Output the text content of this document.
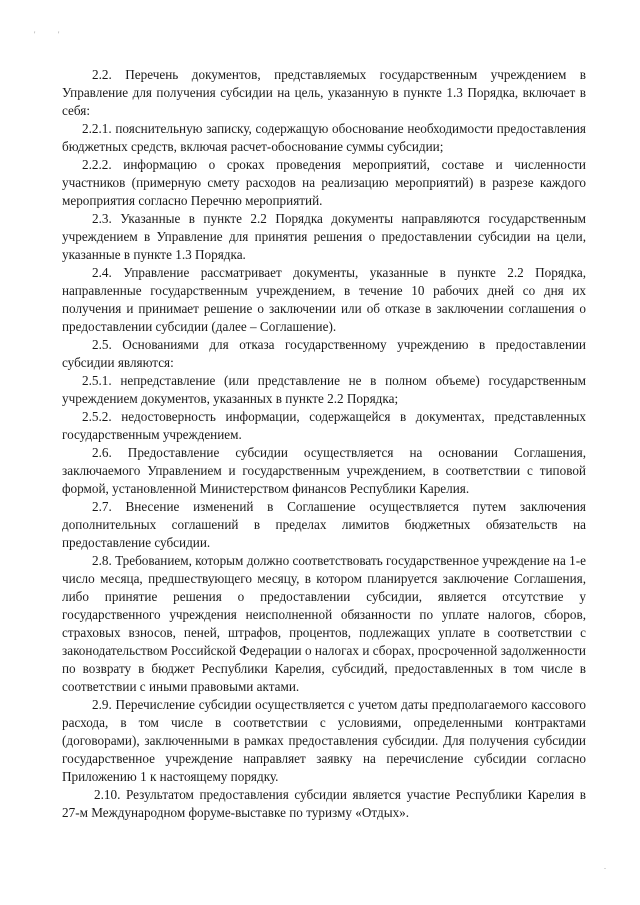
'	'
.

2.2. Перечень документов, представляемых государственным учреждением в Управление для получения субсидии на цель, указанную в пункте 1.3 Порядка, включает в себя:

2.2.1. пояснительную записку, содержащую обоснование необходимости предоставления бюджетных средств, включая расчет-обоснование суммы субсидии;

2.2.2. информацию о сроках проведения мероприятий, составе и численности участников (примерную смету расходов на реализацию мероприятий) в разрезе каждого мероприятия согласно Перечню мероприятий.

2.3. Указанные в пункте 2.2 Порядка документы направляются государственным учреждением в Управление для принятия решения о предоставлении субсидии на цели, указанные в пункте 1.3 Порядка.

2.4. Управление рассматривает документы, указанные в пункте 2.2 Порядка, направленные государственным учреждением, в течение 10 рабочих дней со дня их получения и принимает решение о заключении или об отказе в заключении соглашения о предоставлении субсидии (далее – Соглашение).

2.5. Основаниями для отказа государственному учреждению в предоставлении субсидии являются:

2.5.1. непредставление (или представление не в полном объеме) государственным учреждением документов, указанных в пункте 2.2 Порядка;

2.5.2. недостоверность информации, содержащейся в документах, представленных государственным учреждением.

2.6. Предоставление субсидии осуществляется на основании Соглашения, заключаемого Управлением и государственным учреждением, в соответствии с типовой формой, установленной Министерством финансов Республики Карелия.

2.7. Внесение изменений в Соглашение осуществляется путем заключения дополнительных соглашений в пределах лимитов бюджетных обязательств на предоставление субсидии.

2.8. Требованием, которым должно соответствовать государственное учреждение на 1-е число месяца, предшествующего месяцу, в котором планируется заключение Соглашения, либо принятие решения о предоставлении субсидии, является отсутствие у государственного учреждения неисполненной обязанности по уплате налогов, сборов, страховых взносов, пеней, штрафов, процентов, подлежащих уплате в соответствии с законодательством Российской Федерации о налогах и сборах, просроченной задолженности по возврату в бюджет Республики Карелия, субсидий, предоставленных в том числе в соответствии с иными правовыми актами.

2.9. Перечисление субсидии осуществляется с учетом даты предполагаемого кассового расхода, в том числе в соответствии с условиями, определенными контрактами (договорами), заключенными в рамках предоставления субсидии. Для получения субсидии государственное учреждение направляет заявку на перечисление субсидии согласно Приложению 1 к настоящему порядку.

2.10. Результатом предоставления субсидии является участие Республики Карелия в 27-м Международном форуме-выставке по туризму «Отдых».
